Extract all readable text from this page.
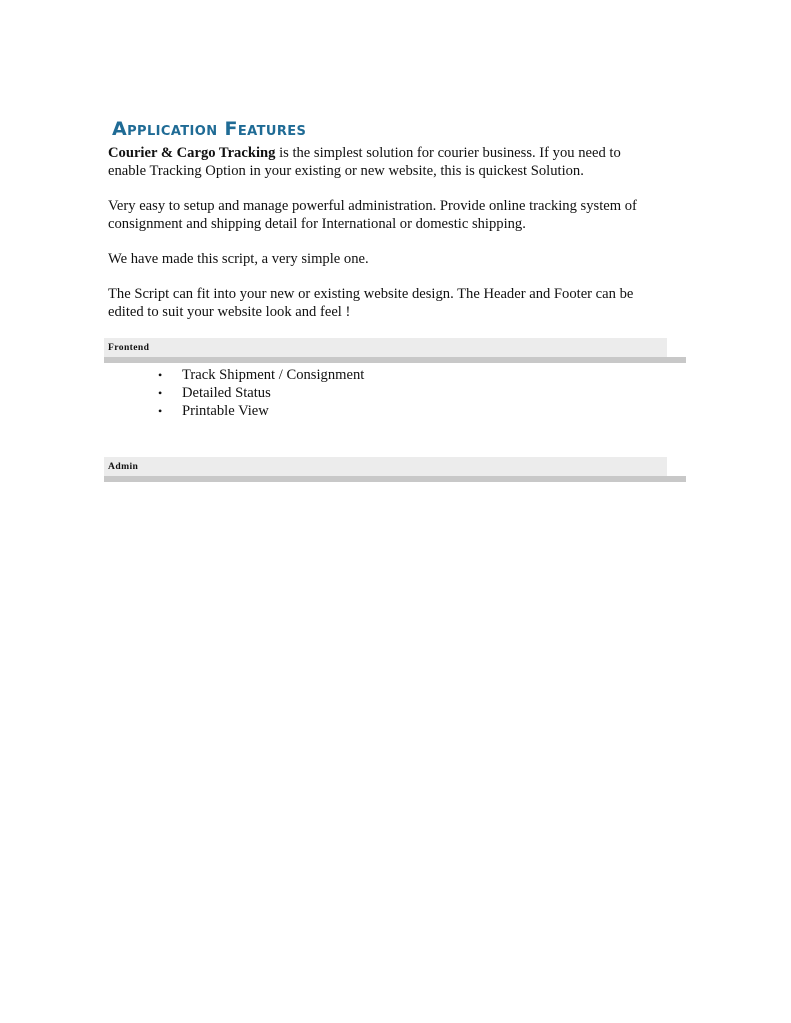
Application Features

Courier & Cargo Tracking is the simplest solution for courier business. If you need to
enable Tracking Option in your existing or new website, this is quickest Solution.

Very easy to setup and manage powerful administration. Provide online tracking system of
consignment and shipping detail for International or domestic shipping.

We have made this script, a very simple one.

The Script can fit into your new or existing website design. The Header and Footer can be
edited to suit your website look and feel !

Frontend
• Track Shipment / Consignment
• Detailed Status
• Printable View
Admin
